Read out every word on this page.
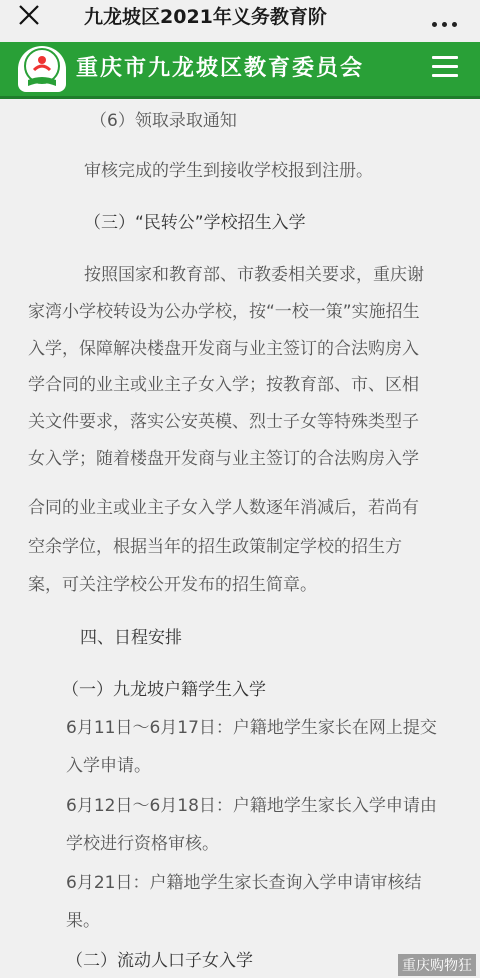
九龙坡区2021年义务教育阶
重庆市九龙坡区教育委员会
（6）领取录取通知
审核完成的学生到接收学校报到注册。
（三）“民转公”学校招生入学
按照国家和教育部、市教委相关要求，重庆谢
家湾小学校转设为公办学校，按“一校一策”实施招生
入学，保障解决楼盘开发商与业主签订的合法购房入
学合同的业主或业主子女入学；按教育部、市、区相
关文件要求，落实公安英模、烈士子女等特殊类型子
女入学；随着楼盘开发商与业主签订的合法购房入学
合同的业主或业主子女入学人数逐年消减后，若尚有
空余学位，根据当年的招生政策制定学校的招生方
案，可关注学校公开发布的招生简章。
四、日程安排
（一）九龙坡户籍学生入学
6月11日～6月17日：户籍地学生家长在网上提交
入学申请。
6月12日～6月18日：户籍地学生家长入学申请由
学校进行资格审核。
6月21日：户籍地学生家长查询入学申请审核结
果。
（二）流动人口子女入学	重庆购物狂
